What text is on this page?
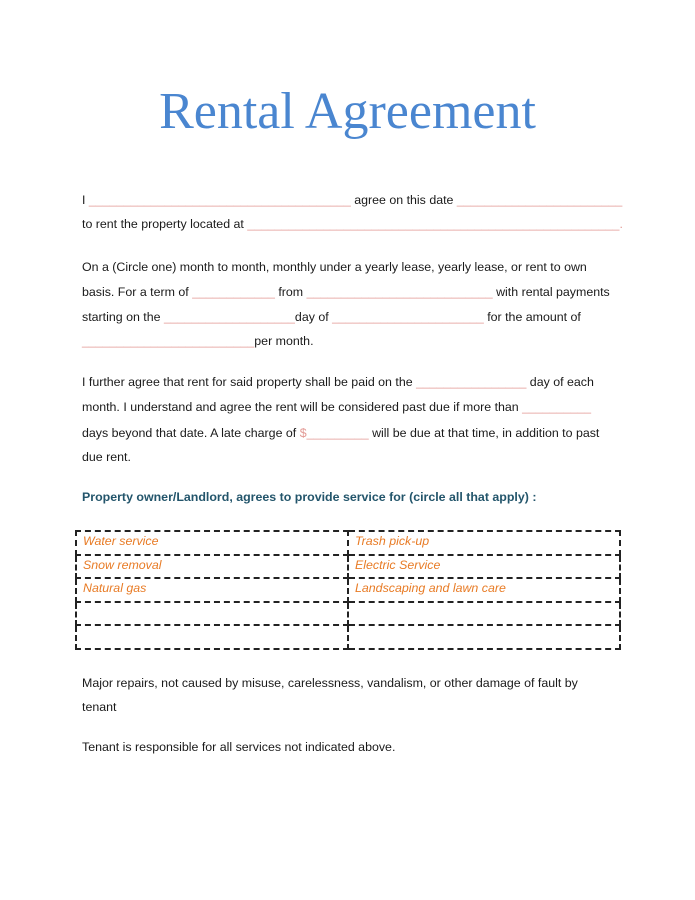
Rental Agreement
I ______________________________________ agree on this date ________________________
to rent the property located at ______________________________________________________.
On a (Circle one) month to month, monthly under a yearly lease, yearly lease, or rent to own
basis. For a term of ____________ from ___________________________ with rental payments
starting on the ___________________day of ______________________ for the amount of
_________________________per month.
I further agree that rent for said property shall be paid on the ________________ day of each
month. I understand and agree the rent will be considered past due if more than __________
days beyond that date. A late charge of $_________ will be due at that time, in addition to past
due rent.
Property owner/Landlord, agrees to provide service for (circle all that apply) :
Water service	Trash pick-up
Snow removal	Electric Service
Natural gas	Landscaping and lawn care

Major repairs, not caused by misuse, carelessness, vandalism, or other damage of fault by
tenant
Tenant is responsible for all services not indicated above.
